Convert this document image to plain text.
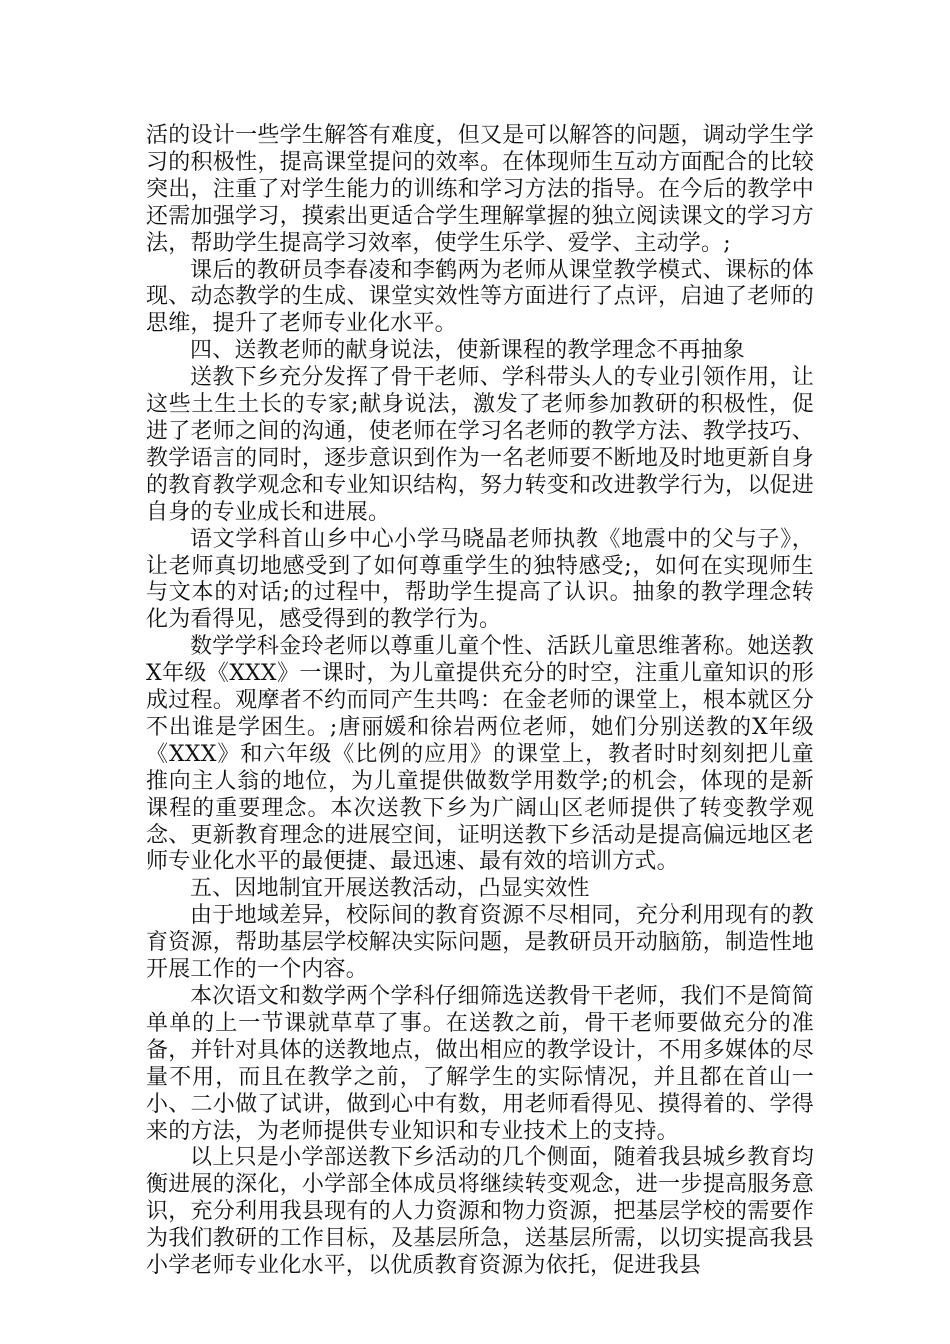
活的设计一些学生解答有难度，但又是可以解答的问题，调动学生学习的积极性，提高课堂提问的效率。在体现师生互动方面配合的比较突出，注重了对学生能力的训练和学习方法的指导。在今后的教学中还需加强学习，摸索出更适合学生理解掌握的独立阅读课文的学习方法，帮助学生提高学习效率，使学生乐学、爱学、主动学。;

课后的教研员李春凌和李鹤两为老师从课堂教学模式、课标的体现、动态教学的生成、课堂实效性等方面进行了点评，启迪了老师的思维，提升了老师专业化水平。

四、送教老师的献身说法，使新课程的教学理念不再抽象

送教下乡充分发挥了骨干老师、学科带头人的专业引领作用，让这些土生土长的专家;献身说法，激发了老师参加教研的积极性，促进了老师之间的沟通，使老师在学习名老师的教学方法、教学技巧、教学语言的同时，逐步意识到作为一名老师要不断地及时地更新自身的教育教学观念和专业知识结构，努力转变和改进教学行为，以促进自身的专业成长和进展。

语文学科首山乡中心小学马晓晶老师执教《地震中的父与子》，让老师真切地感受到了如何尊重学生的独特感受;，如何在实现师生与文本的对话;的过程中，帮助学生提高了认识。抽象的教学理念转化为看得见，感受得到的教学行为。

数学学科金玲老师以尊重儿童个性、活跃儿童思维著称。她送教X年级《XXX》一课时，为儿童提供充分的时空，注重儿童知识的形成过程。观摩者不约而同产生共鸣：在金老师的课堂上，根本就区分不出谁是学困生。;唐丽媛和徐岩两位老师，她们分别送教的X年级《XXX》和六年级《比例的应用》的课堂上，教者时时刻刻把儿童推向主人翁的地位，为儿童提供做数学用数学;的机会，体现的是新课程的重要理念。本次送教下乡为广阔山区老师提供了转变教学观念、更新教育理念的进展空间，证明送教下乡活动是提高偏远地区老师专业化水平的最便捷、最迅速、最有效的培训方式。

五、因地制宜开展送教活动，凸显实效性

由于地域差异，校际间的教育资源不尽相同，充分利用现有的教育资源，帮助基层学校解决实际问题，是教研员开动脑筋，制造性地开展工作的一个内容。

本次语文和数学两个学科仔细筛选送教骨干老师，我们不是简简单单的上一节课就草草了事。在送教之前，骨干老师要做充分的准备，并针对具体的送教地点，做出相应的教学设计，不用多媒体的尽量不用，而且在教学之前，了解学生的实际情况，并且都在首山一小、二小做了试讲，做到心中有数，用老师看得见、摸得着的、学得来的方法，为老师提供专业知识和专业技术上的支持。

以上只是小学部送教下乡活动的几个侧面，随着我县城乡教育均衡进展的深化，小学部全体成员将继续转变观念，进一步提高服务意识，充分利用我县现有的人力资源和物力资源，把基层学校的需要作为我们教研的工作目标，及基层所急，送基层所需，以切实提高我县小学老师专业化水平，以优质教育资源为依托，促进我县
